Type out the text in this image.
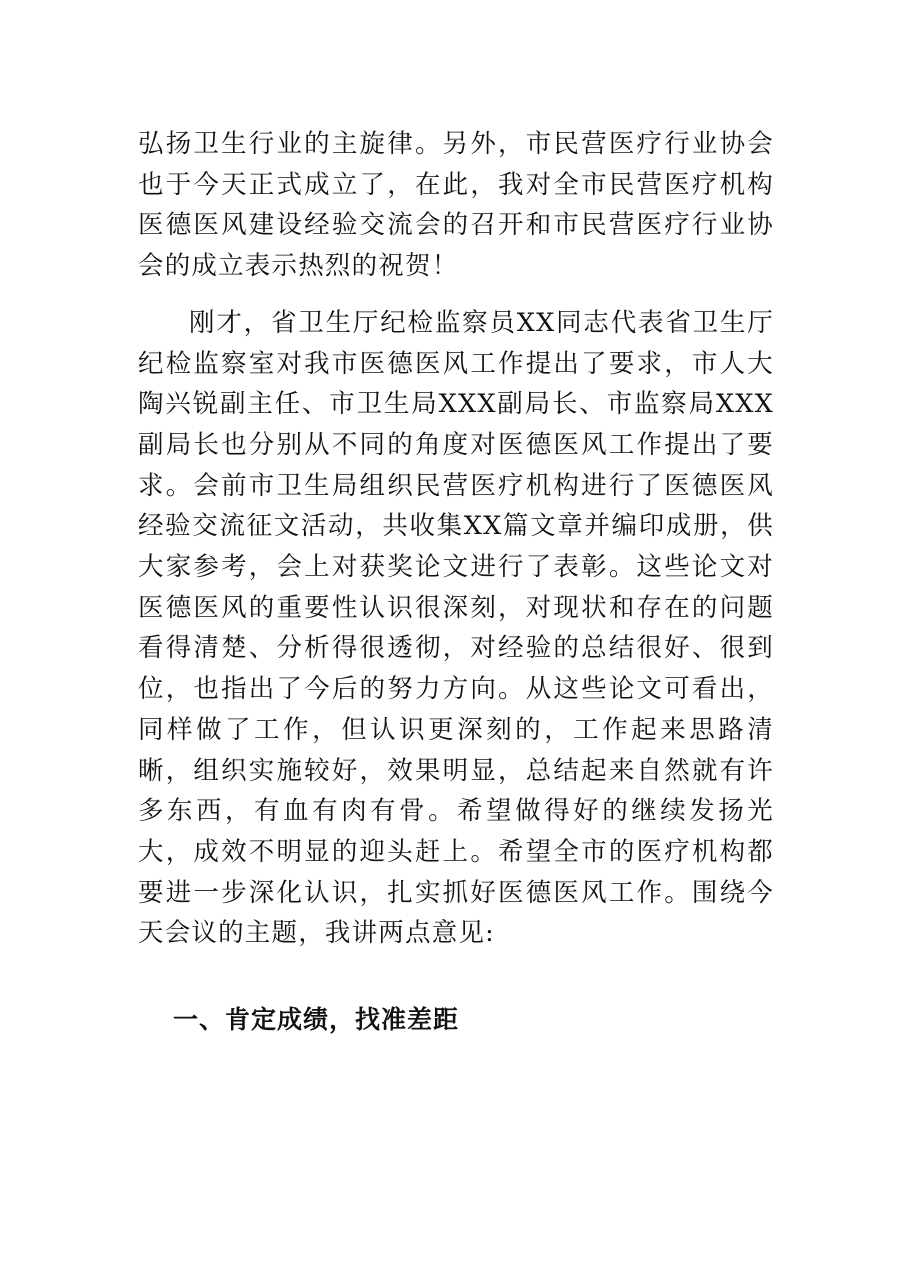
弘扬卫生行业的主旋律。另外，市民营医疗行业协会也于今天正式成立了，在此，我对全市民营医疗机构医德医风建设经验交流会的召开和市民营医疗行业协会的成立表示热烈的祝贺！

刚才，省卫生厅纪检监察员XX同志代表省卫生厅纪检监察室对我市医德医风工作提出了要求，市人大陶兴锐副主任、市卫生局XXX副局长、市监察局XXX副局长也分别从不同的角度对医德医风工作提出了要求。会前市卫生局组织民营医疗机构进行了医德医风经验交流征文活动，共收集XX篇文章并编印成册，供大家参考，会上对获奖论文进行了表彰。这些论文对医德医风的重要性认识很深刻，对现状和存在的问题看得清楚、分析得很透彻，对经验的总结很好、很到位，也指出了今后的努力方向。从这些论文可看出，同样做了工作，但认识更深刻的，工作起来思路清晰，组织实施较好，效果明显，总结起来自然就有许多东西，有血有肉有骨。希望做得好的继续发扬光大，成效不明显的迎头赶上。希望全市的医疗机构都要进一步深化认识，扎实抓好医德医风工作。围绕今天会议的主题，我讲两点意见:

一、肯定成绩，找准差距
